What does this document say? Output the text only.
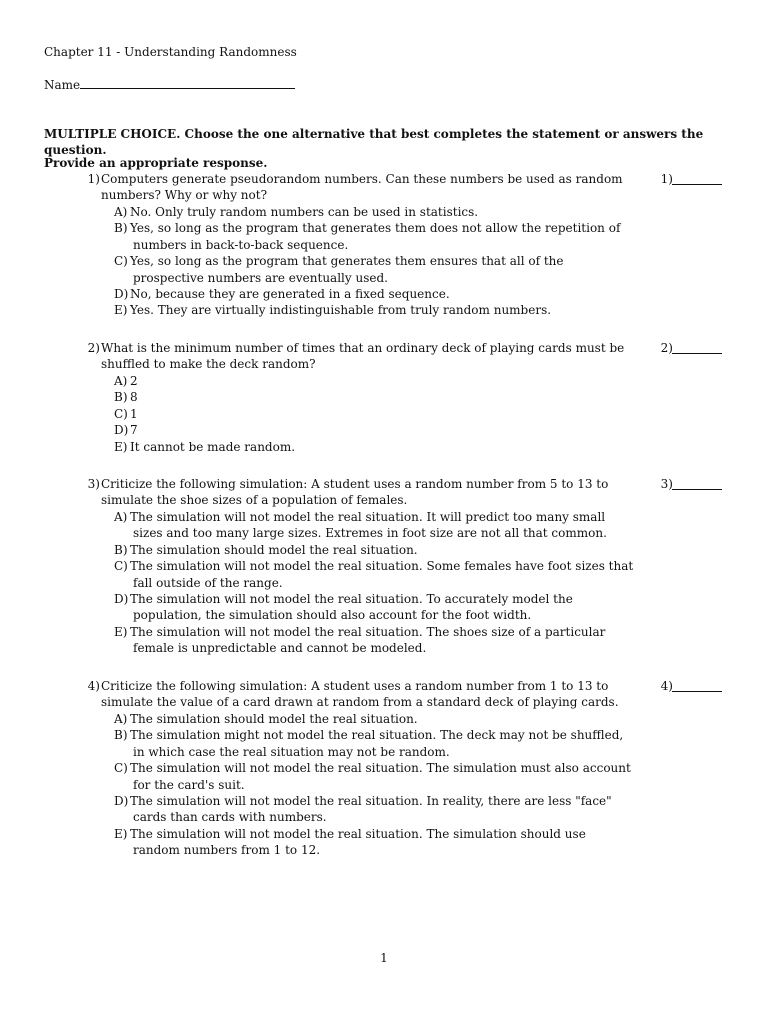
Chapter 11 - Understanding Randomness
Name
MULTIPLE CHOICE. Choose the one alternative that best completes the statement or answers the question.
Provide an appropriate response.
1) Computers generate pseudorandom numbers. Can these numbers be used as random numbers? Why or why not?
1)
A) No. Only truly random numbers can be used in statistics.
B) Yes, so long as the program that generates them does not allow the repetition of numbers in back-to-back sequence.
C) Yes, so long as the program that generates them ensures that all of the prospective numbers are eventually used.
D) No, because they are generated in a fixed sequence.
E) Yes. They are virtually indistinguishable from truly random numbers.
2) What is the minimum number of times that an ordinary deck of playing cards must be shuffled to make the deck random?
2)
A) 2
B) 8
C) 1
D) 7
E) It cannot be made random.
3) Criticize the following simulation: A student uses a random number from 5 to 13 to simulate the shoe sizes of a population of females.
3)
A) The simulation will not model the real situation. It will predict too many small sizes and too many large sizes. Extremes in foot size are not all that common.
B) The simulation should model the real situation.
C) The simulation will not model the real situation. Some females have foot sizes that fall outside of the range.
D) The simulation will not model the real situation. To accurately model the population, the simulation should also account for the foot width.
E) The simulation will not model the real situation. The shoes size of a particular female is unpredictable and cannot be modeled.
4) Criticize the following simulation: A student uses a random number from 1 to 13 to simulate the value of a card drawn at random from a standard deck of playing cards.
4)
A) The simulation should model the real situation.
B) The simulation might not model the real situation. The deck may not be shuffled, in which case the real situation may not be random.
C) The simulation will not model the real situation. The simulation must also account for the card's suit.
D) The simulation will not model the real situation. In reality, there are less "face" cards than cards with numbers.
E) The simulation will not model the real situation. The simulation should use random numbers from 1 to 12.
1
